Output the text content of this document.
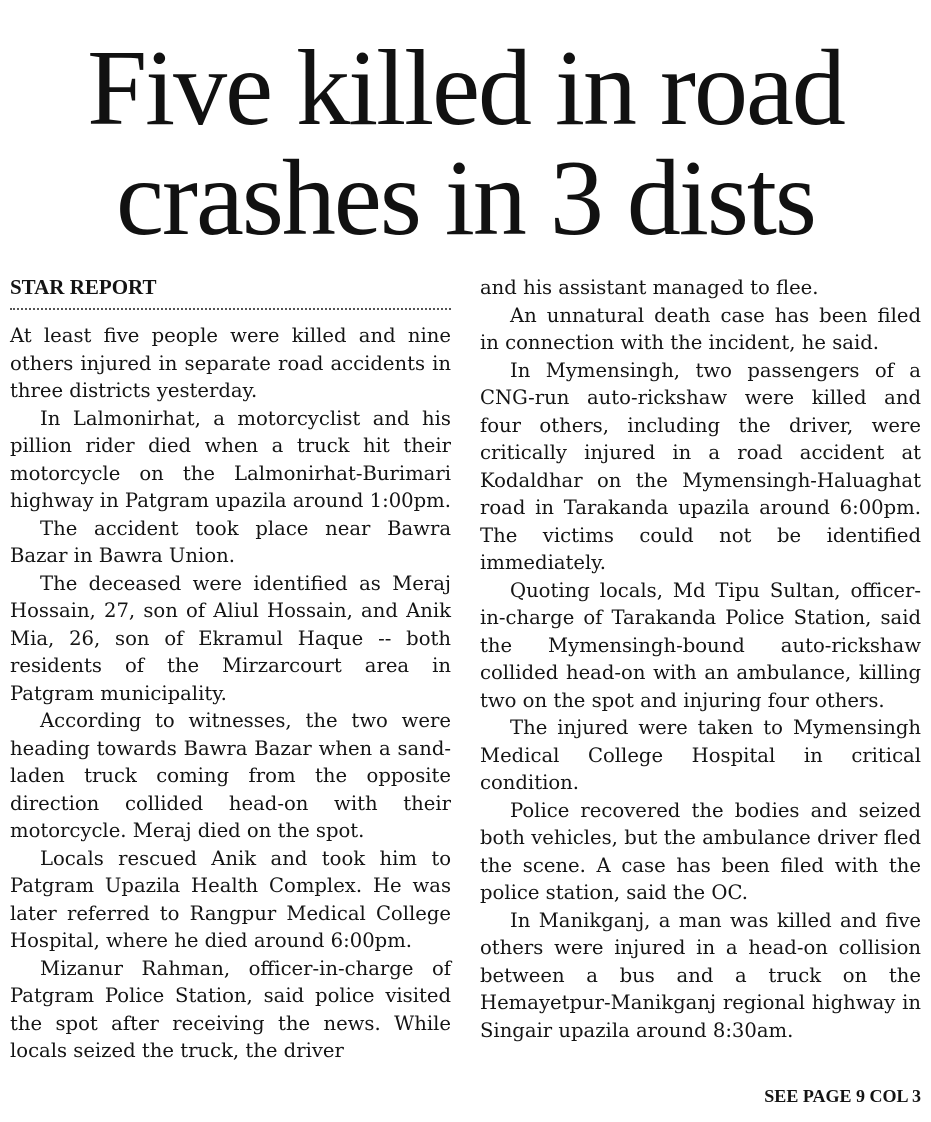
Five killed in road crashes in 3 dists

STAR REPORT

At least five people were killed and nine others injured in separate road accidents in three districts yesterday.

In Lalmonirhat, a motorcyclist and his pillion rider died when a truck hit their motorcycle on the Lalmonirhat-Burimari highway in Patgram upazila around 1:00pm.

The accident took place near Bawra Bazar in Bawra Union.

The deceased were identified as Meraj Hossain, 27, son of Aliul Hossain, and Anik Mia, 26, son of Ekramul Haque -- both residents of the Mirzarcourt area in Patgram municipality.

According to witnesses, the two were heading towards Bawra Bazar when a sand-laden truck coming from the opposite direction collided head-on with their motorcycle. Meraj died on the spot.

Locals rescued Anik and took him to Patgram Upazila Health Complex. He was later referred to Rangpur Medical College Hospital, where he died around 6:00pm.

Mizanur Rahman, officer-in-charge of Patgram Police Station, said police visited the spot after receiving the news. While locals seized the truck, the driver

and his assistant managed to flee.

An unnatural death case has been filed in connection with the incident, he said.

In Mymensingh, two passengers of a CNG-run auto-rickshaw were killed and four others, including the driver, were critically injured in a road accident at Kodaldhar on the Mymensingh-Haluaghat road in Tarakanda upazila around 6:00pm. The victims could not be identified immediately.

Quoting locals, Md Tipu Sultan, officer-in-charge of Tarakanda Police Station, said the Mymensingh-bound auto-rickshaw collided head-on with an ambulance, killing two on the spot and injuring four others.

The injured were taken to Mymensingh Medical College Hospital in critical condition.

Police recovered the bodies and seized both vehicles, but the ambulance driver fled the scene. A case has been filed with the police station, said the OC.

In Manikganj, a man was killed and five others were injured in a head-on collision between a bus and a truck on the Hemayetpur-Manikganj regional highway in Singair upazila around 8:30am.

SEE PAGE 9 COL 3
